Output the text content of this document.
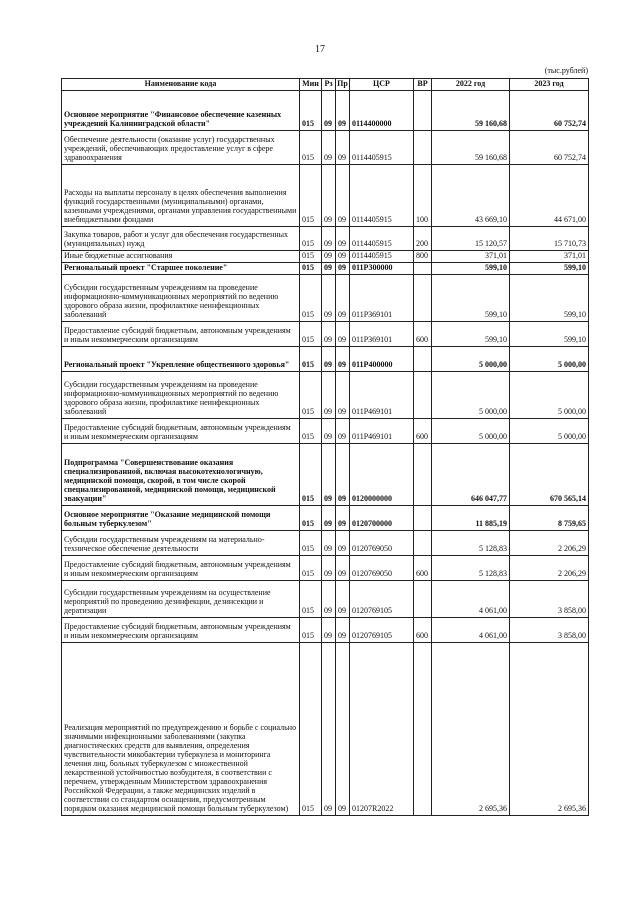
17
(тыс.рублей)
Наименование кода	Мин	Рз	Пр	ЦСР	ВР	2022 год	2023 год
Основное мероприятие "Финансовое обеспечение казенных учреждений Калининградской области"	015	09	09	0114400000		59 160,68	60 752,74
Обеспечение деятельности (оказание услуг) государственных учреждений, обеспечивающих предоставление услуг в сфере здравоохранения	015	09	09	0114405915		59 160,68	60 752,74
Расходы на выплаты персоналу в целях обеспечения выполнения функций государственными (муниципальными) органами, казенными учреждениями, органами управления государственными внебюджетными фондами	015	09	09	0114405915	100	43 669,10	44 671,00
Закупка товаров, работ и услуг для обеспечения государственных (муниципальных) нужд	015	09	09	0114405915	200	15 120,57	15 710,73
Иные бюджетные ассигнования	015	09	09	0114405915	800	371,01	371,01
Региональный проект "Старшее поколение"	015	09	09	011P300000		599,10	599,10
Субсидии государственным учреждениям на проведение информационно-коммуникационных мероприятий по ведению здорового образа жизни, профилактике неинфекционных заболеваний	015	09	09	011P369101		599,10	599,10
Предоставление субсидий бюджетным, автономным учреждениям и иным некоммерческим организациям	015	09	09	011P369101	600	599,10	599,10
Региональный проект "Укрепление общественного здоровья"	015	09	09	011P400000		5 000,00	5 000,00
Субсидии государственным учреждениям на проведение информационно-коммуникационных мероприятий по ведению здорового образа жизни, профилактике неинфекционных заболеваний	015	09	09	011P469101		5 000,00	5 000,00
Предоставление субсидий бюджетным, автономным учреждениям и иным некоммерческим организациям	015	09	09	011P469101	600	5 000,00	5 000,00
Подпрограмма "Совершенствование оказания специализированной, включая высокотехнологичную, медицинской помощи, скорой, в том числе скорой специализированной, медицинской помощи, медицинской эвакуации"	015	09	09	0120000000		646 047,77	670 565,14
Основное мероприятие "Оказание медицинской помощи больным туберкулезом"	015	09	09	0120700000		11 885,19	8 759,65
Субсидии государственным учреждениям на материально-техническое обеспечение деятельности	015	09	09	0120769050		5 128,83	2 206,29
Предоставление субсидий бюджетным, автономным учреждениям и иным некоммерческим организациям	015	09	09	0120769050	600	5 128,83	2 206,29
Субсидии государственным учреждениям на осуществление мероприятий по проведению дезинфекции, дезинсекции и дератизации	015	09	09	0120769105		4 061,00	3 858,00
Предоставление субсидий бюджетным, автономным учреждениям и иным некоммерческим организациям	015	09	09	0120769105	600	4 061,00	3 858,00
Реализация мероприятий по предупреждению и борьбе с социально значимыми инфекционными заболеваниями (закупка диагностических средств для выявления, определения чувствительности микобактерии туберкулеза и мониторинга лечения лиц, больных туберкулезом с множественной лекарственной устойчивостью возбудителя, в соответствии с перечнем, утвержденным Министерством здравоохранения Российской Федерации, а также медицинских изделий в соответствии со стандартом оснащения, предусмотренным порядком оказания медицинской помощи больным туберкулезом)	015	09	09	01207R2022		2 695,36	2 695,36
